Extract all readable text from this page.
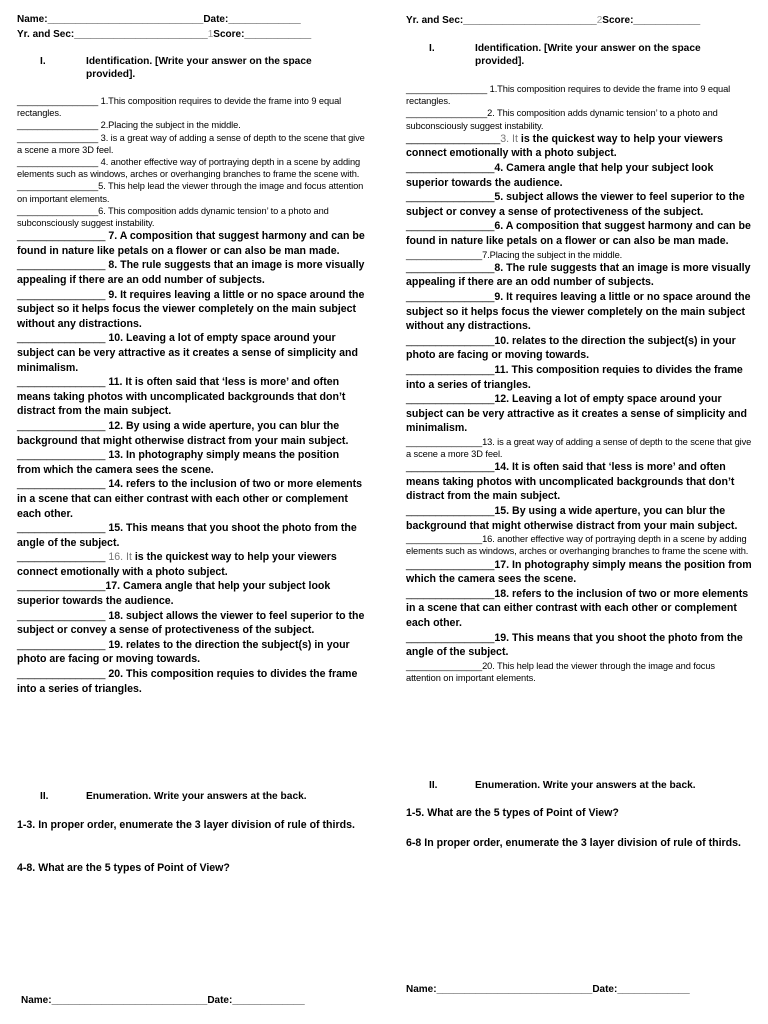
Name:____________________________Date:_____________
Yr. and Sec:________________________1Score:____________
I.	Identification. [Write your answer on the space provided].

________________ 1.This composition requires to devide the frame into 9 equal rectangles.

________________ 2.Placing the subject in the middle.

________________ 3. is a great way of adding a sense of depth to the scene that give a scene a more 3D feel.

________________ 4. another effective way of portraying depth in a scene by adding elements such as windows, arches or overhanging branches to frame the scene with.

________________5. This help lead the viewer through the image and focus attention on important elements.

________________6. This composition adds dynamic tension’ to a photo and subconsciously suggest instability.

_______________ 7. A composition that suggest harmony and can be found in nature like petals on a flower or can also be man made.

_______________ 8. The rule suggests that an image is more visually appealing if there are an odd number of subjects.

_______________ 9. It requires leaving a little or no space around the subject so it helps focus the viewer completely on the main subject without any distractions.

_______________ 10. Leaving a lot of empty space around your subject can be very attractive as it creates a sense of simplicity and minimalism.

_______________ 11. It is often said that ‘less is more’ and often means taking photos with uncomplicated backgrounds that don’t distract from the main subject.

_______________ 12. By using a wide aperture, you can blur the background that might otherwise distract from your main subject.

_______________ 13. In photography simply means the position from which the camera sees the scene.

_______________ 14. refers to the inclusion of two or more elements in a scene that can either contrast with each other or complement each other.

_______________ 15. This means that you shoot the photo from the angle of the subject.

_______________ 16. It is the quickest way to help your viewers connect emotionally with a photo subject.

_______________17. Camera angle that help your subject look superior towards the audience.

_______________ 18. subject allows the viewer to feel superior to the subject or convey a sense of protectiveness of the subject.

_______________ 19. relates to the direction the subject(s) in your photo are facing or moving towards.

_______________ 20. This composition requies to divides the frame into a series of triangles.

II.	Enumeration. Write your answers at the back.
1-3. In proper order, enumerate the 3 layer division of rule of thirds.
4-8. What are the 5 types of Point of View?
Name:____________________________Date:_____________
Yr. and Sec:________________________2Score:____________
I.	Identification. [Write your answer on the space provided].

________________ 1.This composition requires to devide the frame into 9 equal rectangles.

________________2. This composition adds dynamic tension’ to a photo and subconsciously suggest instability.

________________3. It is the quickest way to help your viewers connect emotionally with a photo subject.

_______________4. Camera angle that help your subject look superior towards the audience.

_______________5. subject allows the viewer to feel superior to the subject or convey a sense of protectiveness of the subject.

_______________6. A composition that suggest harmony and can be found in nature like petals on a flower or can also be man made.

_______________7.Placing the subject in the middle.

_______________8. The rule suggests that an image is more visually appealing if there are an odd number of subjects.

_______________9. It requires leaving a little or no space around the subject so it helps focus the viewer completely on the main subject without any distractions.

_______________10. relates to the direction the subject(s) in your photo are facing or moving towards.

_______________11. This composition requies to divides the frame into a series of triangles.

_______________12. Leaving a lot of empty space around your subject can be very attractive as it creates a sense of simplicity and minimalism.

_______________13. is a great way of adding a sense of depth to the scene that give a scene a more 3D feel.

_______________14. It is often said that ‘less is more’ and often means taking photos with uncomplicated backgrounds that don’t distract from the main subject.

_______________15. By using a wide aperture, you can blur the background that might otherwise distract from your main subject.

_______________16. another effective way of portraying depth in a scene by adding elements such as windows, arches or overhanging branches to frame the scene with.

_______________17. In photography simply means the position from which the camera sees the scene.

_______________18. refers to the inclusion of two or more elements in a scene that can either contrast with each other or complement each other.

_______________19. This means that you shoot the photo from the angle of the subject.

_______________20. This help lead the viewer through the image and focus attention on important elements.

II.	Enumeration. Write your answers at the back.
1-5. What are the 5 types of Point of View?
6-8 In proper order, enumerate the 3 layer division of rule of thirds.
Name:____________________________Date:_____________
